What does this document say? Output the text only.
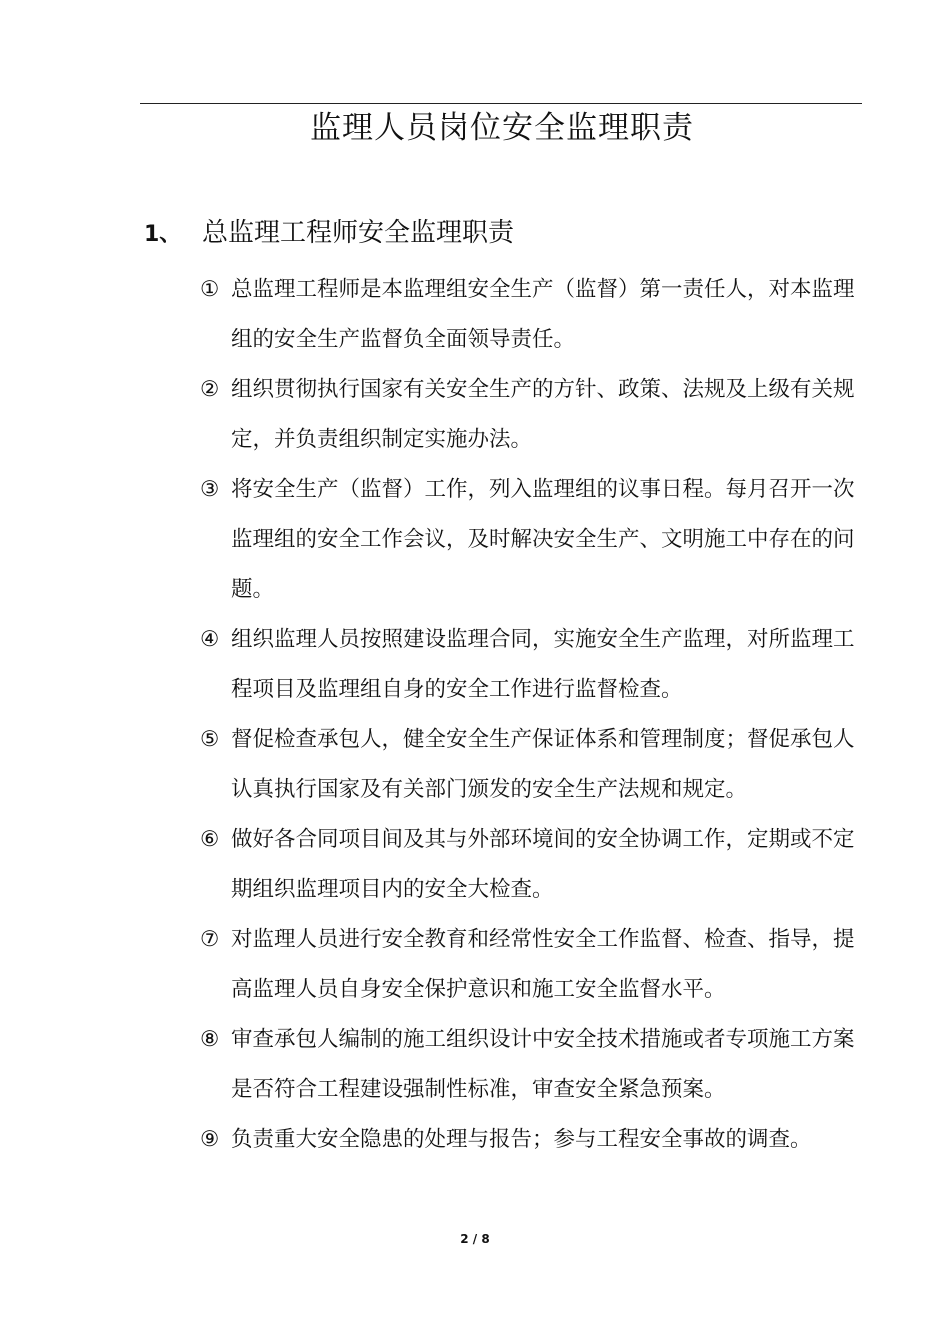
监理人员岗位安全监理职责
1、 总监理工程师安全监理职责
① 总监理工程师是本监理组安全生产（监督）第一责任人，对本监理组的安全生产监督负全面领导责任。
② 组织贯彻执行国家有关安全生产的方针、政策、法规及上级有关规定，并负责组织制定实施办法。
③ 将安全生产（监督）工作，列入监理组的议事日程。每月召开一次监理组的安全工作会议，及时解决安全生产、文明施工中存在的问题。
④ 组织监理人员按照建设监理合同，实施安全生产监理，对所监理工程项目及监理组自身的安全工作进行监督检查。
⑤ 督促检查承包人，健全安全生产保证体系和管理制度；督促承包人认真执行国家及有关部门颁发的安全生产法规和规定。
⑥ 做好各合同项目间及其与外部环境间的安全协调工作，定期或不定期组织监理项目内的安全大检查。
⑦ 对监理人员进行安全教育和经常性安全工作监督、检查、指导，提高监理人员自身安全保护意识和施工安全监督水平。
⑧ 审查承包人编制的施工组织设计中安全技术措施或者专项施工方案是否符合工程建设强制性标准，审查安全紧急预案。
⑨ 负责重大安全隐患的处理与报告；参与工程安全事故的调查。
2 / 8
